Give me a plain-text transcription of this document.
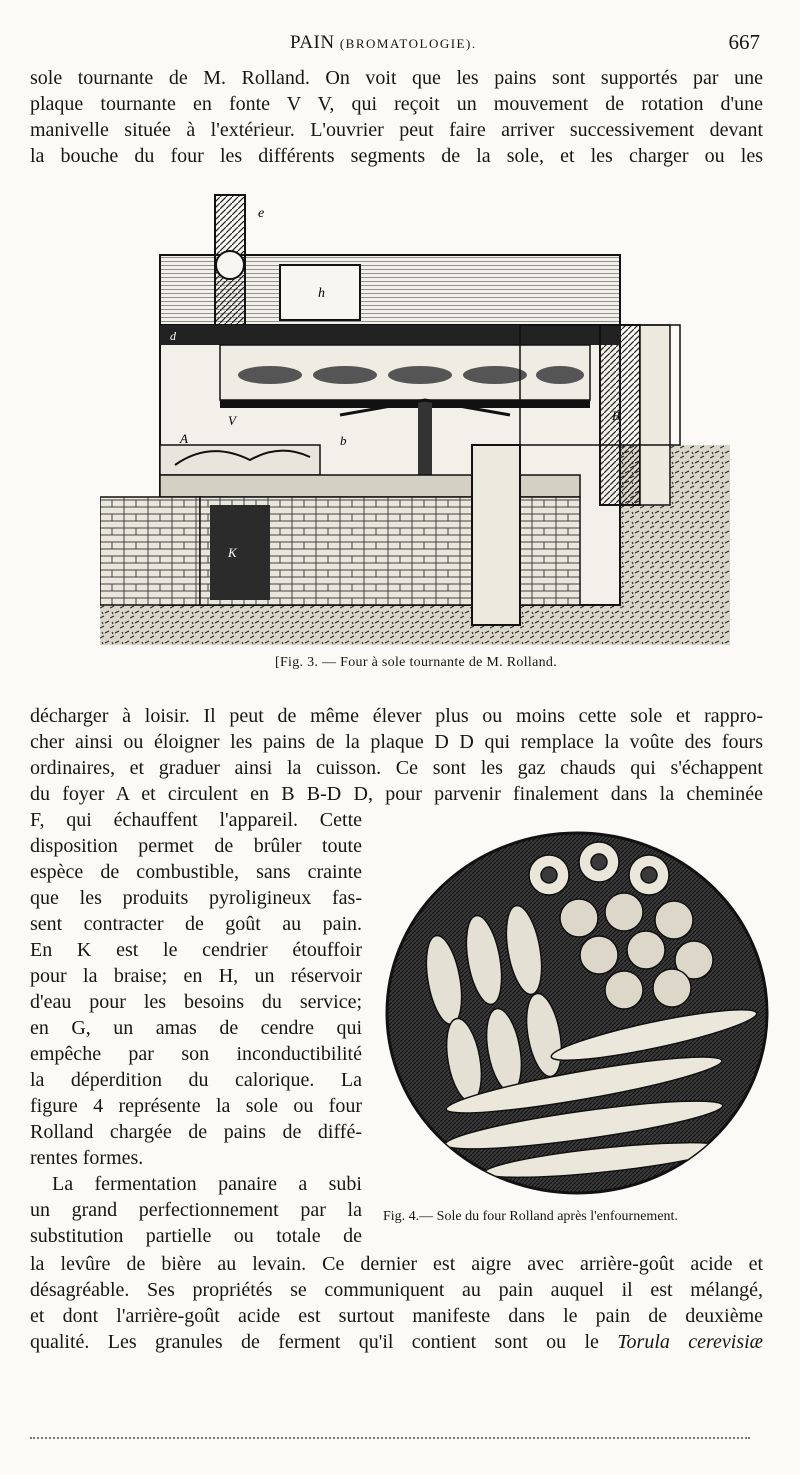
PAIN (BROMATOLOGIE).	667
sole tournante de M. Rolland. On voit que les pains sont supportés par une
plaque tournante en fonte V V, qui reçoit un mouvement de rotation d'une
manivelle située à l'extérieur. L'ouvrier peut faire arriver successivement devant
la bouche du four les différents segments de la sole, et les charger ou les
h
e
d
V
b
B
A
K
[Fig. 3. — Four à sole tournante de M. Rolland.
décharger à loisir. Il peut de même élever plus ou moins cette sole et rappro-
cher ainsi ou éloigner les pains de la plaque D D qui remplace la voûte des fours
ordinaires, et graduer ainsi la cuisson. Ce sont les gaz chauds qui s'échappent
du foyer A et circulent en B B-D D, pour parvenir finalement dans la cheminée
F, qui échauffent l'appareil. Cette
disposition permet de brûler toute
espèce de combustible, sans crainte
que les produits pyroligineux fas-
sent contracter de goût au pain.
En K est le cendrier étouffoir
pour la braise; en H, un réservoir
d'eau pour les besoins du service;
en G, un amas de cendre qui
empêche par son inconductibilité
la déperdition du calorique. La
figure 4 représente la sole ou four
Rolland chargée de pains de diffé-
rentes formes.
La fermentation panaire a subi
un grand perfectionnement par la
substitution partielle ou totale de
Fig. 4.— Sole du four Rolland après l'enfournement.
la levûre de bière au levain. Ce dernier est aigre avec arrière-goût acide et
désagréable. Ses propriétés se communiquent au pain auquel il est mélangé,
et dont l'arrière-goût acide est surtout manifeste dans le pain de deuxième
qualité. Les granules de ferment qu'il contient sont ou le Torula cerevisiæ
